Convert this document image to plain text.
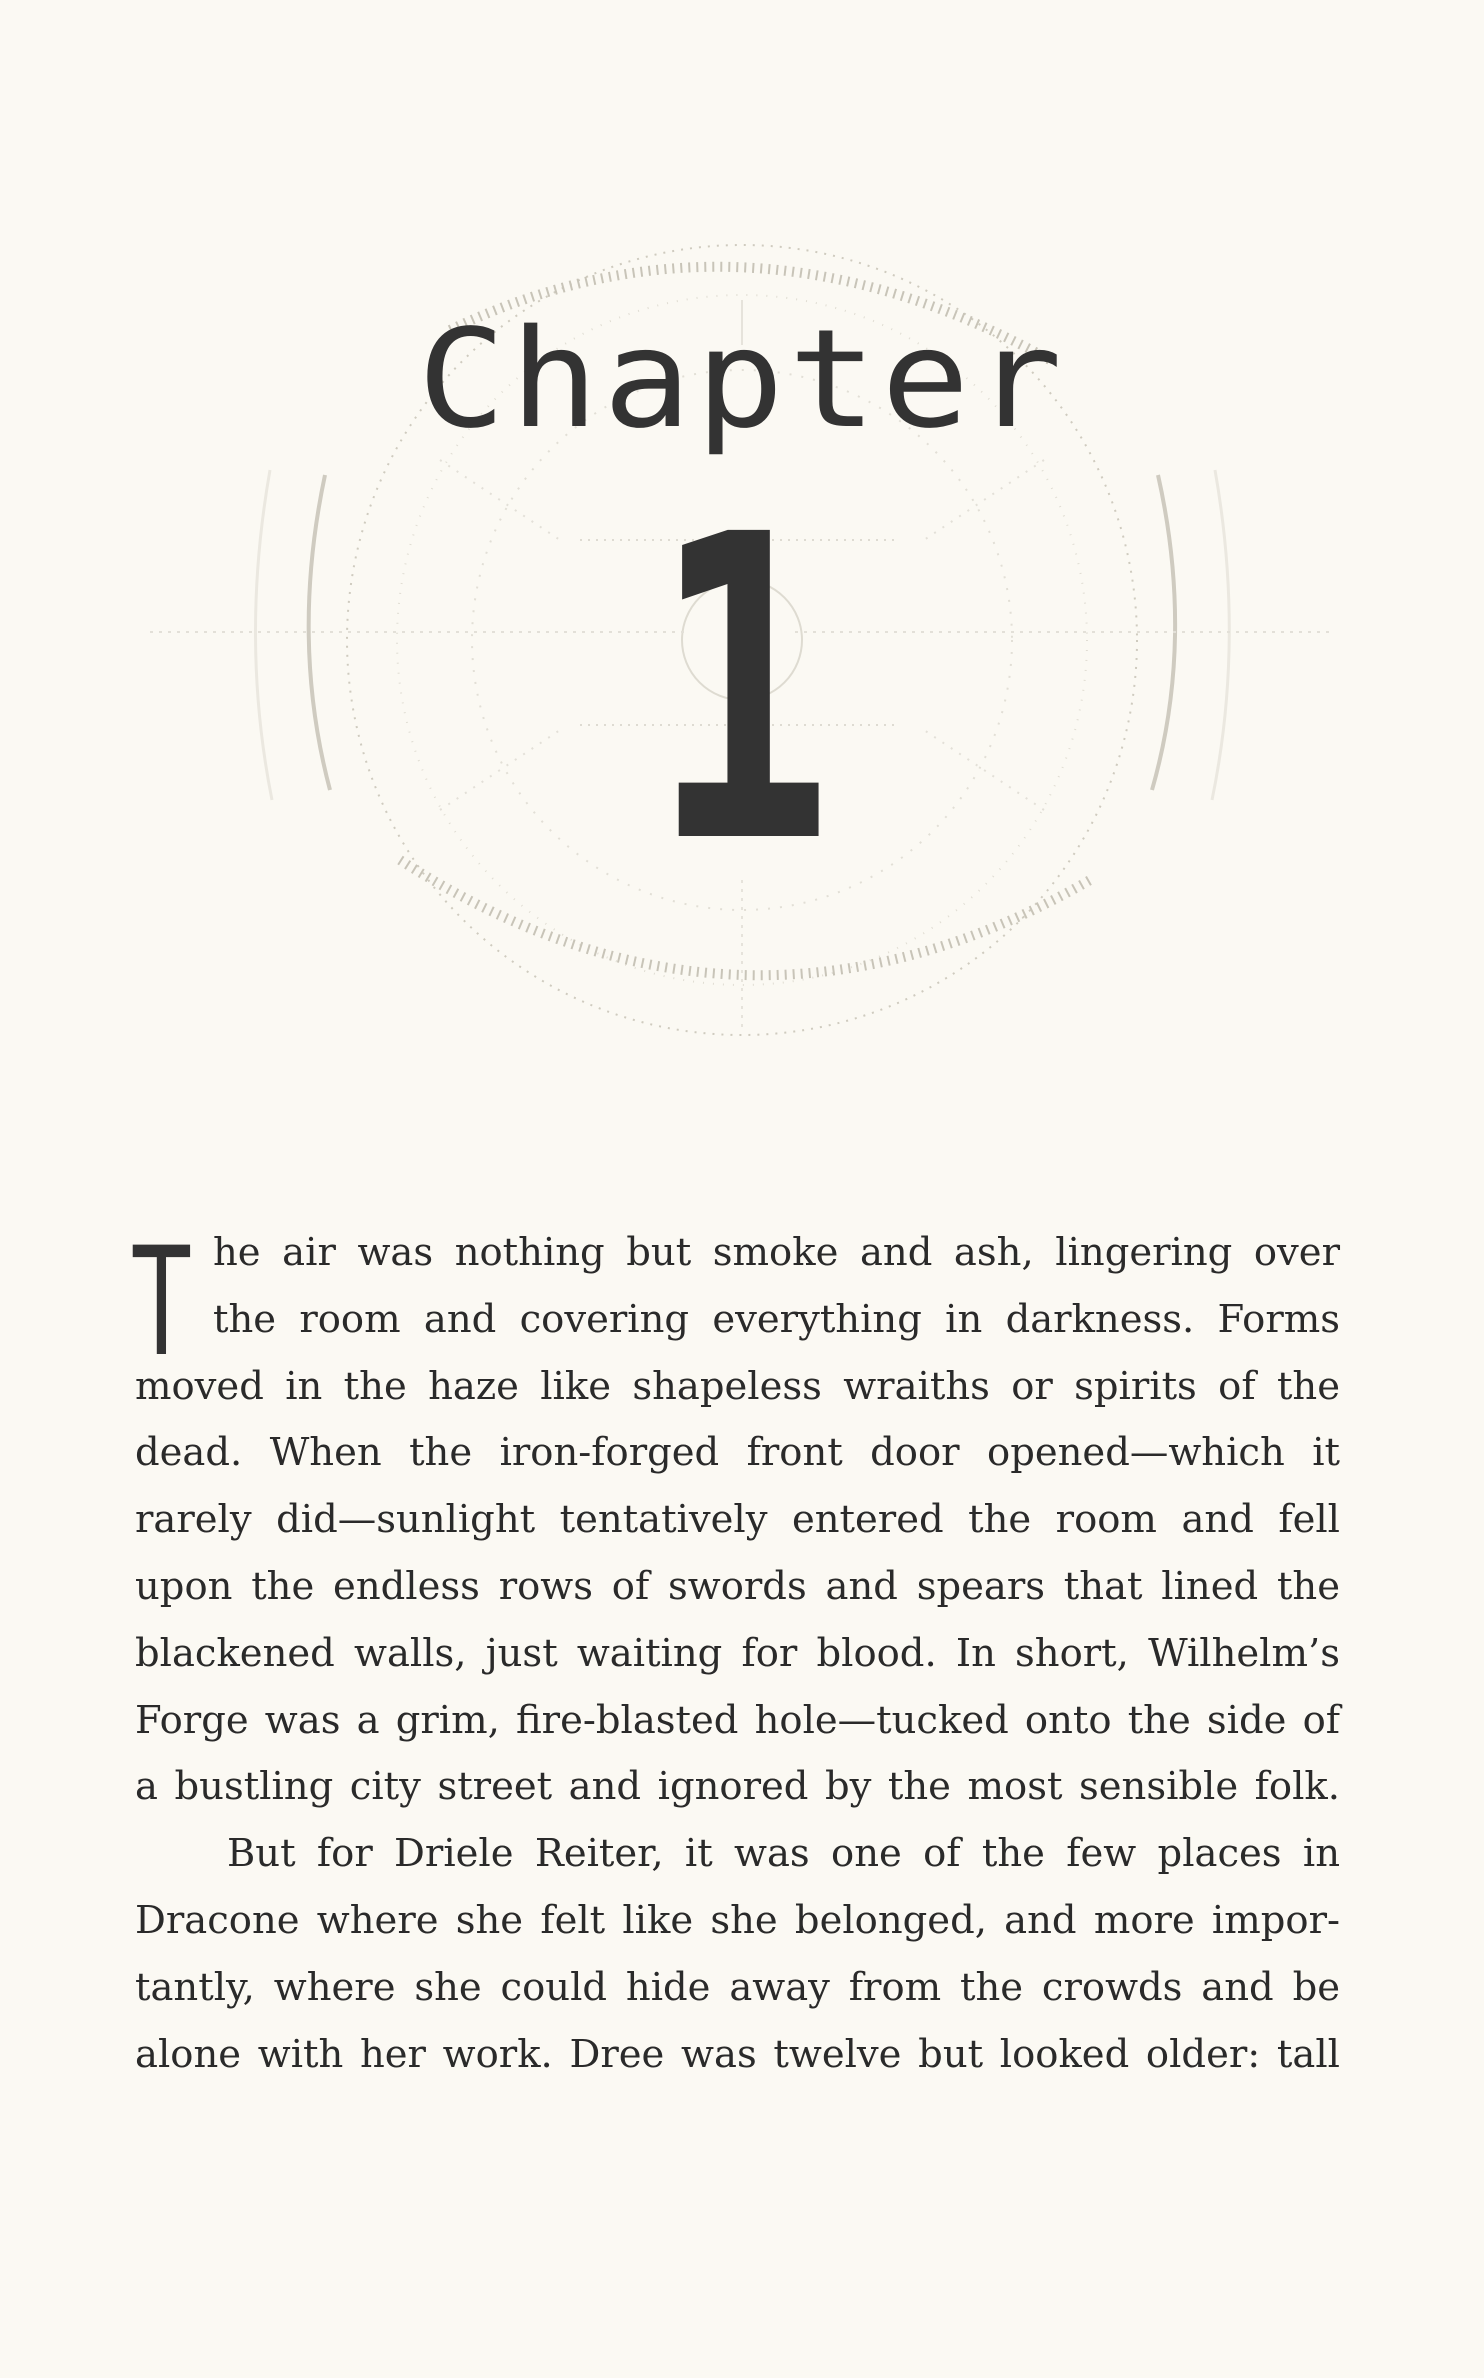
Chapter
1
T he air was nothing but smoke and ash, lingering over
the room and covering everything in darkness. Forms
moved in the haze like shapeless wraiths or spirits of the
dead. When the iron-forged front door opened—which it
rarely did—sunlight tentatively entered the room and fell
upon the endless rows of swords and spears that lined the
blackened walls, just waiting for blood. In short, Wilhelm’s
Forge was a grim, fire-blasted hole—tucked onto the side of
a bustling city street and ignored by the most sensible folk.
But for Driele Reiter, it was one of the few places in
Dracone where she felt like she belonged, and more impor-
tantly, where she could hide away from the crowds and be
alone with her work. Dree was twelve but looked older: tall
